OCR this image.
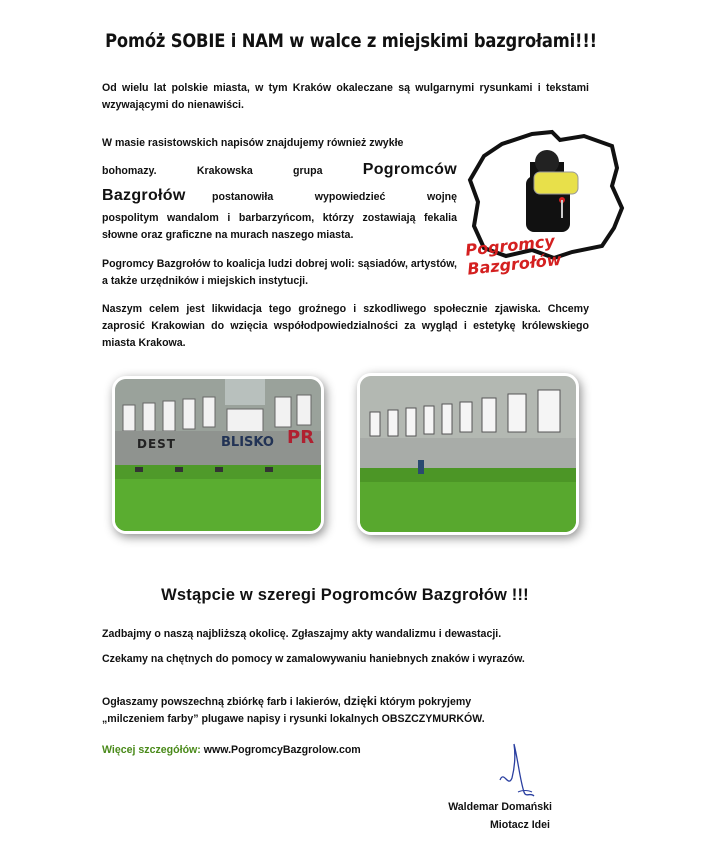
Pomóż SOBIE i NAM w walce z miejskimi bazgrołami!!!
Od wielu lat polskie miasta, w tym Kraków okaleczane są wulgarnymi rysunkami i tekstami wzywającymi do nienawiści.
W masie rasistowskich napisów znajdujemy również zwykłe
bohomazy.	Krakowska	grupa	Pogromców
Bazgrołów postanowiła wypowiedzieć wojnę
pospolitym wandalom i barbarzyńcom, którzy zostawiają fekalia słowne oraz graficzne na murach naszego miasta.
Pogromcy Bazgrołów to koalicja ludzi dobrej woli: sąsiadów, artystów, a także urzędników i miejskich instytucji.
Naszym celem jest likwidacja tego groźnego i szkodliwego społecznie zjawiska. Chcemy zaprosić Krakowian do wzięcia współodpowiedzialności za wygląd i estetykę królewskiego miasta Krakowa.
Pogromcy Bazgrołów
DEST	BLISKO PR
Wstąpcie w szeregi Pogromców Bazgrołów !!!
Zadbajmy o naszą najbliższą okolicę. Zgłaszajmy akty wandalizmu i dewastacji.
Czekamy na chętnych do pomocy w zamalowywaniu haniebnych znaków i wyrazów.
Ogłaszamy powszechną zbiórkę farb i lakierów, dzięki którym pokryjemy
„milczeniem farby” plugawe napisy i rysunki lokalnych OBSZCZYMURKÓW.
Więcej szczegółów: www.PogromcyBazgrolow.com
Waldemar Domański
Miotacz Idei
